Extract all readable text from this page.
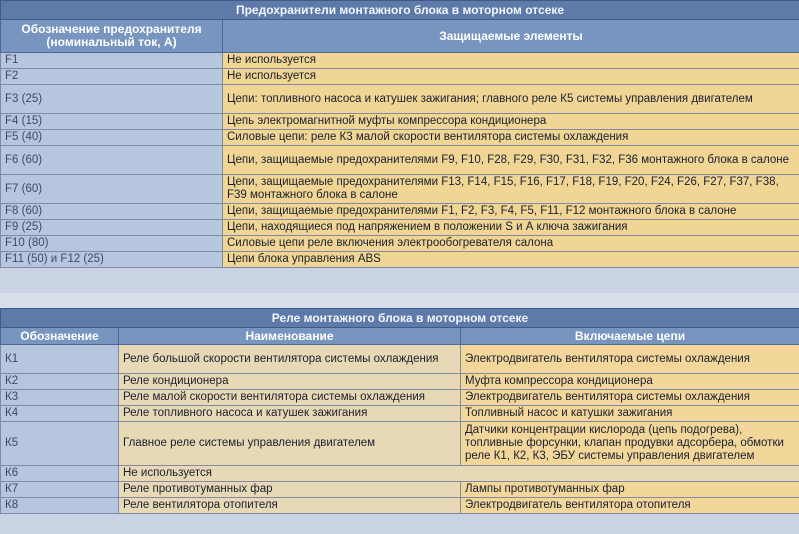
Предохранители монтажного блока в моторном отсеке	
Обозначение предохранителя (номинальный ток, А)	Защищаемые элементы
F1	Не используется
F2	Не используется
F3 (25)	Цепи: топливного насоса и катушек зажигания; главного реле К5 системы управления двигателем
F4 (15)	Цепь электромагнитной муфты компрессора кондиционера
F5 (40)	Силовые цепи: реле К3 малой скорости вентилятора системы охлаждения
F6 (60)	Цепи, защищаемые предохранителями F9, F10, F28, F29, F30, F31, F32, F36 монтажного блока в салоне
F7 (60)	Цепи, защищаемые предохранителями F13, F14, F15, F16, F17, F18, F19, F20, F24, F26, F27, F37, F38, F39 монтажного блока в салоне
F8 (60)	Цепи, защищаемые предохранителями F1, F2, F3, F4, F5, F11, F12 монтажного блока в салоне
F9 (25)	Цепи, находящиеся под напряжением в положении S и А ключа зажигания
F10 (80)	Силовые цепи реле включения электрообогревателя салона
F11 (50) и F12 (25)	Цепи блока управления ABS
Реле монтажного блока в моторном отсеке		
Обозначение	Наименование	Включаемые цепи
К1	Реле большой скорости вентилятора системы охлаждения	Электродвигатель вентилятора системы охлаждения
К2	Реле кондиционера	Муфта компрессора кондиционера
К3	Реле малой скорости вентилятора системы охлаждения	Электродвигатель вентилятора системы охлаждения
К4	Реле топливного насоса и катушек зажигания	Топливный насос и катушки зажигания
К5	Главное реле системы управления двигателем	Датчики концентрации кислорода (цепь подогрева), топливные форсунки, клапан продувки адсорбера, обмотки реле К1, К2, К3, ЭБУ системы управления двигателем
К6	Не используется	
К7	Реле противотуманных фар	Лампы противотуманных фар
К8	Реле вентилятора отопителя	Электродвигатель вентилятора отопителя
